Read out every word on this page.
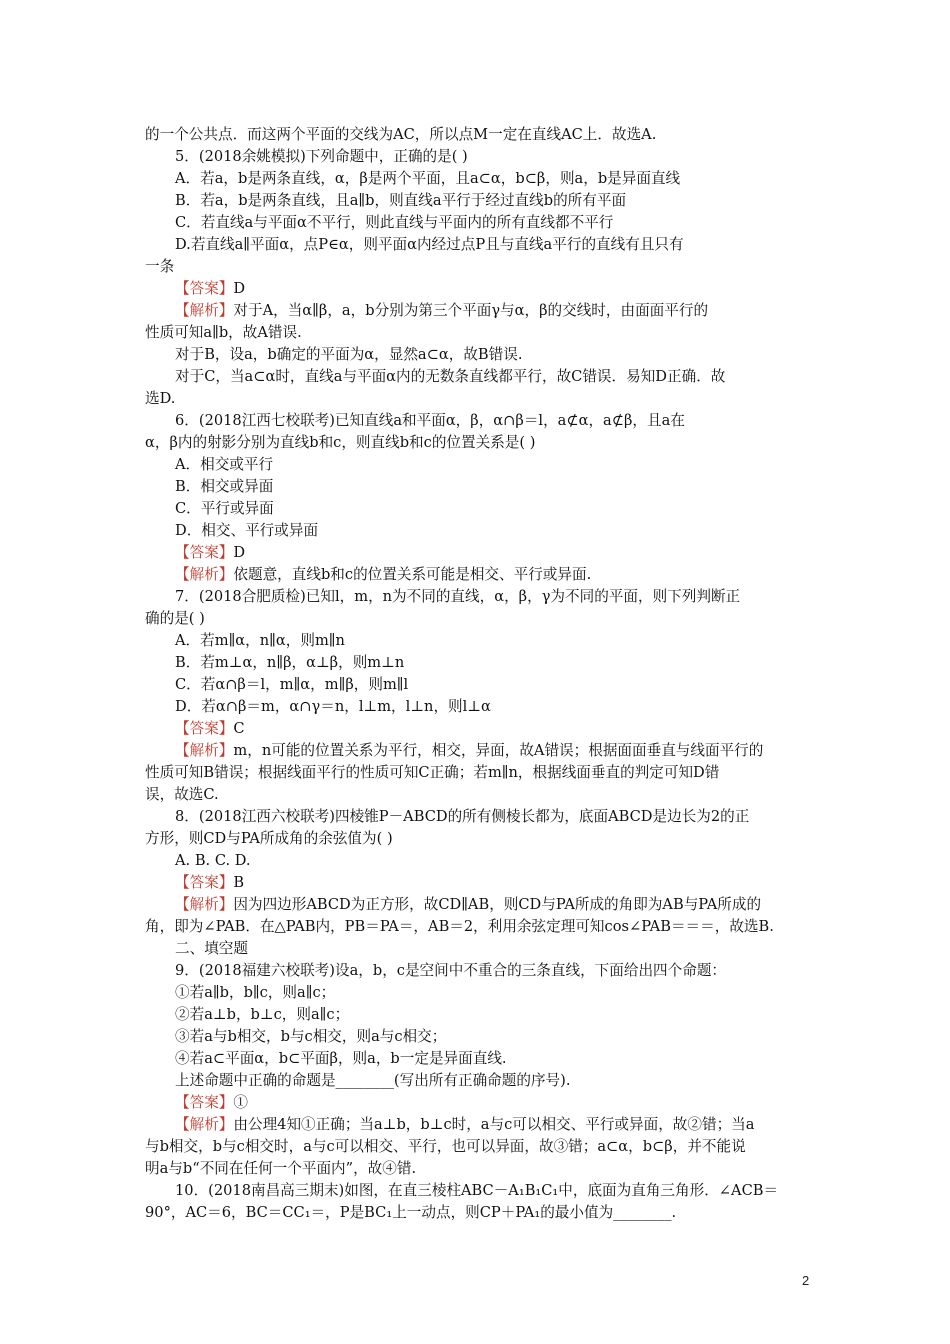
的一个公共点．而这两个平面的交线为AC，所以点M一定在直线AC上．故选A.

5．(2018余姚模拟)下列命题中，正确的是( )

A．若a，b是两条直线，α，β是两个平面，且a⊂α，b⊂β，则a，b是异面直线

B．若a，b是两条直线，且a∥b，则直线a平行于经过直线b的所有平面

C．若直线a与平面α不平行，则此直线与平面内的所有直线都不平行

D.若直线a∥平面α，点P∈α，则平面α内经过点P且与直线a平行的直线有且只有

一条

【答案】D

【解析】对于A，当α∥β，a，b分别为第三个平面γ与α，β的交线时，由面面平行的

性质可知a∥b，故A错误.

对于B，设a，b确定的平面为α，显然a⊂α，故B错误.

对于C，当a⊂α时，直线a与平面α内的无数条直线都平行，故C错误．易知D正确．故

选D.

6．(2018江西七校联考)已知直线a和平面α，β，α∩β＝l，a⊄α，a⊄β，且a在

α，β内的射影分别为直线b和c，则直线b和c的位置关系是( )

A．相交或平行

B．相交或异面

C．平行或异面

D．相交、平行或异面

【答案】D

【解析】依题意，直线b和c的位置关系可能是相交、平行或异面.

7．(2018合肥质检)已知l，m，n为不同的直线，α，β，γ为不同的平面，则下列判断正

确的是( )

A．若m∥α，n∥α，则m∥n

B．若m⊥α，n∥β，α⊥β，则m⊥n

C．若α∩β＝l，m∥α，m∥β，则m∥l

D．若α∩β＝m，α∩γ＝n，l⊥m，l⊥n，则l⊥α

【答案】C

【解析】m，n可能的位置关系为平行，相交，异面，故A错误；根据面面垂直与线面平行的

性质可知B错误；根据线面平行的性质可知C正确；若m∥n，根据线面垂直的判定可知D错

误，故选C.

8．(2018江西六校联考)四棱锥P－ABCD的所有侧棱长都为，底面ABCD是边长为2的正

方形，则CD与PA所成角的余弦值为( )

A. B. C. D.

【答案】B

【解析】因为四边形ABCD为正方形，故CD∥AB，则CD与PA所成的角即为AB与PA所成的

角，即为∠PAB．在△PAB内，PB＝PA＝，AB＝2，利用余弦定理可知cos∠PAB＝＝＝，故选B.

二、填空题

9．(2018福建六校联考)设a，b，c是空间中不重合的三条直线，下面给出四个命题：

①若a∥b，b∥c，则a∥c；

②若a⊥b，b⊥c，则a∥c；

③若a与b相交，b与c相交，则a与c相交；

④若a⊂平面α，b⊂平面β，则a，b一定是异面直线.

上述命题中正确的命题是________(写出所有正确命题的序号).

【答案】①

【解析】由公理4知①正确；当a⊥b，b⊥c时，a与c可以相交、平行或异面，故②错；当a

与b相交，b与c相交时，a与c可以相交、平行，也可以异面，故③错；a⊂α，b⊂β，并不能说

明a与b“不同在任何一个平面内”，故④错.

10．(2018南昌高三期末)如图，在直三棱柱ABC－A₁B₁C₁中，底面为直角三角形．∠ACB＝

90°，AC＝6，BC＝CC₁＝，P是BC₁上一动点，则CP＋PA₁的最小值为________.

2
